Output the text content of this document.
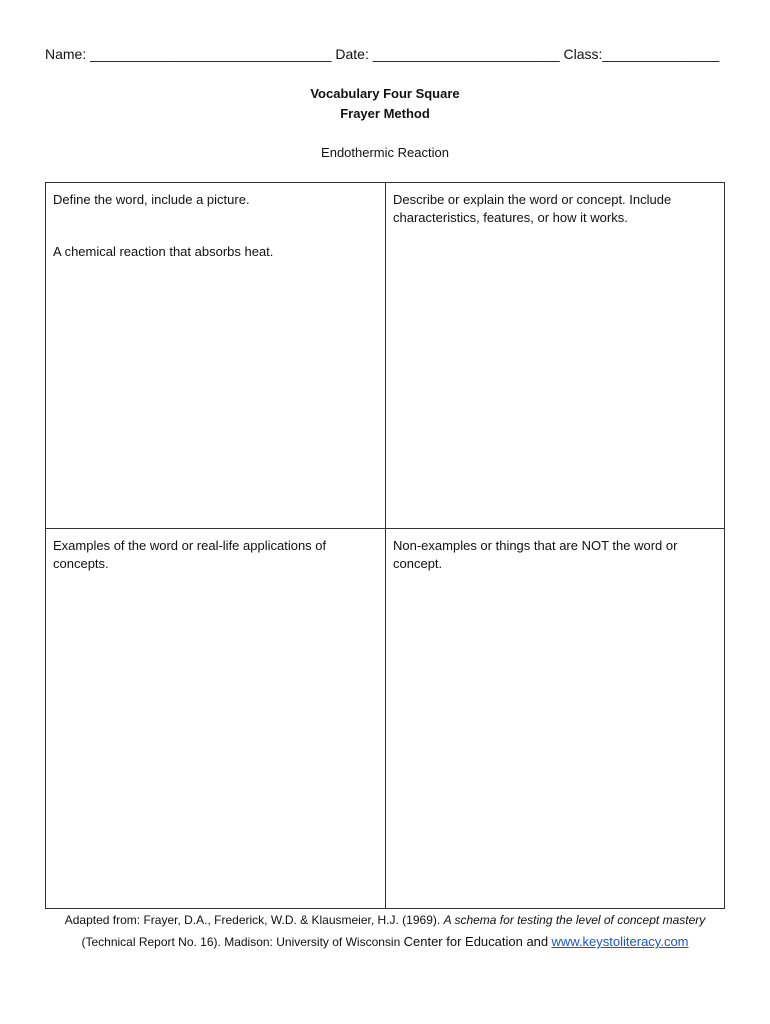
Name: _______________________________ Date: ________________________ Class:_______________
Vocabulary Four Square
Frayer Method
Endothermic Reaction
Define the word, include a picture.
A chemical reaction that absorbs heat.
Describe or explain the word or concept. Include characteristics, features, or how it works.
Examples of the word or real-life applications of concepts.
Non-examples or things that are NOT the word or concept.
Adapted from: Frayer, D.A., Frederick, W.D. & Klausmeier, H.J. (1969). A schema for testing the level of concept mastery
(Technical Report No. 16). Madison: University of Wisconsin Center for Education and www.keystoliteracy.com
